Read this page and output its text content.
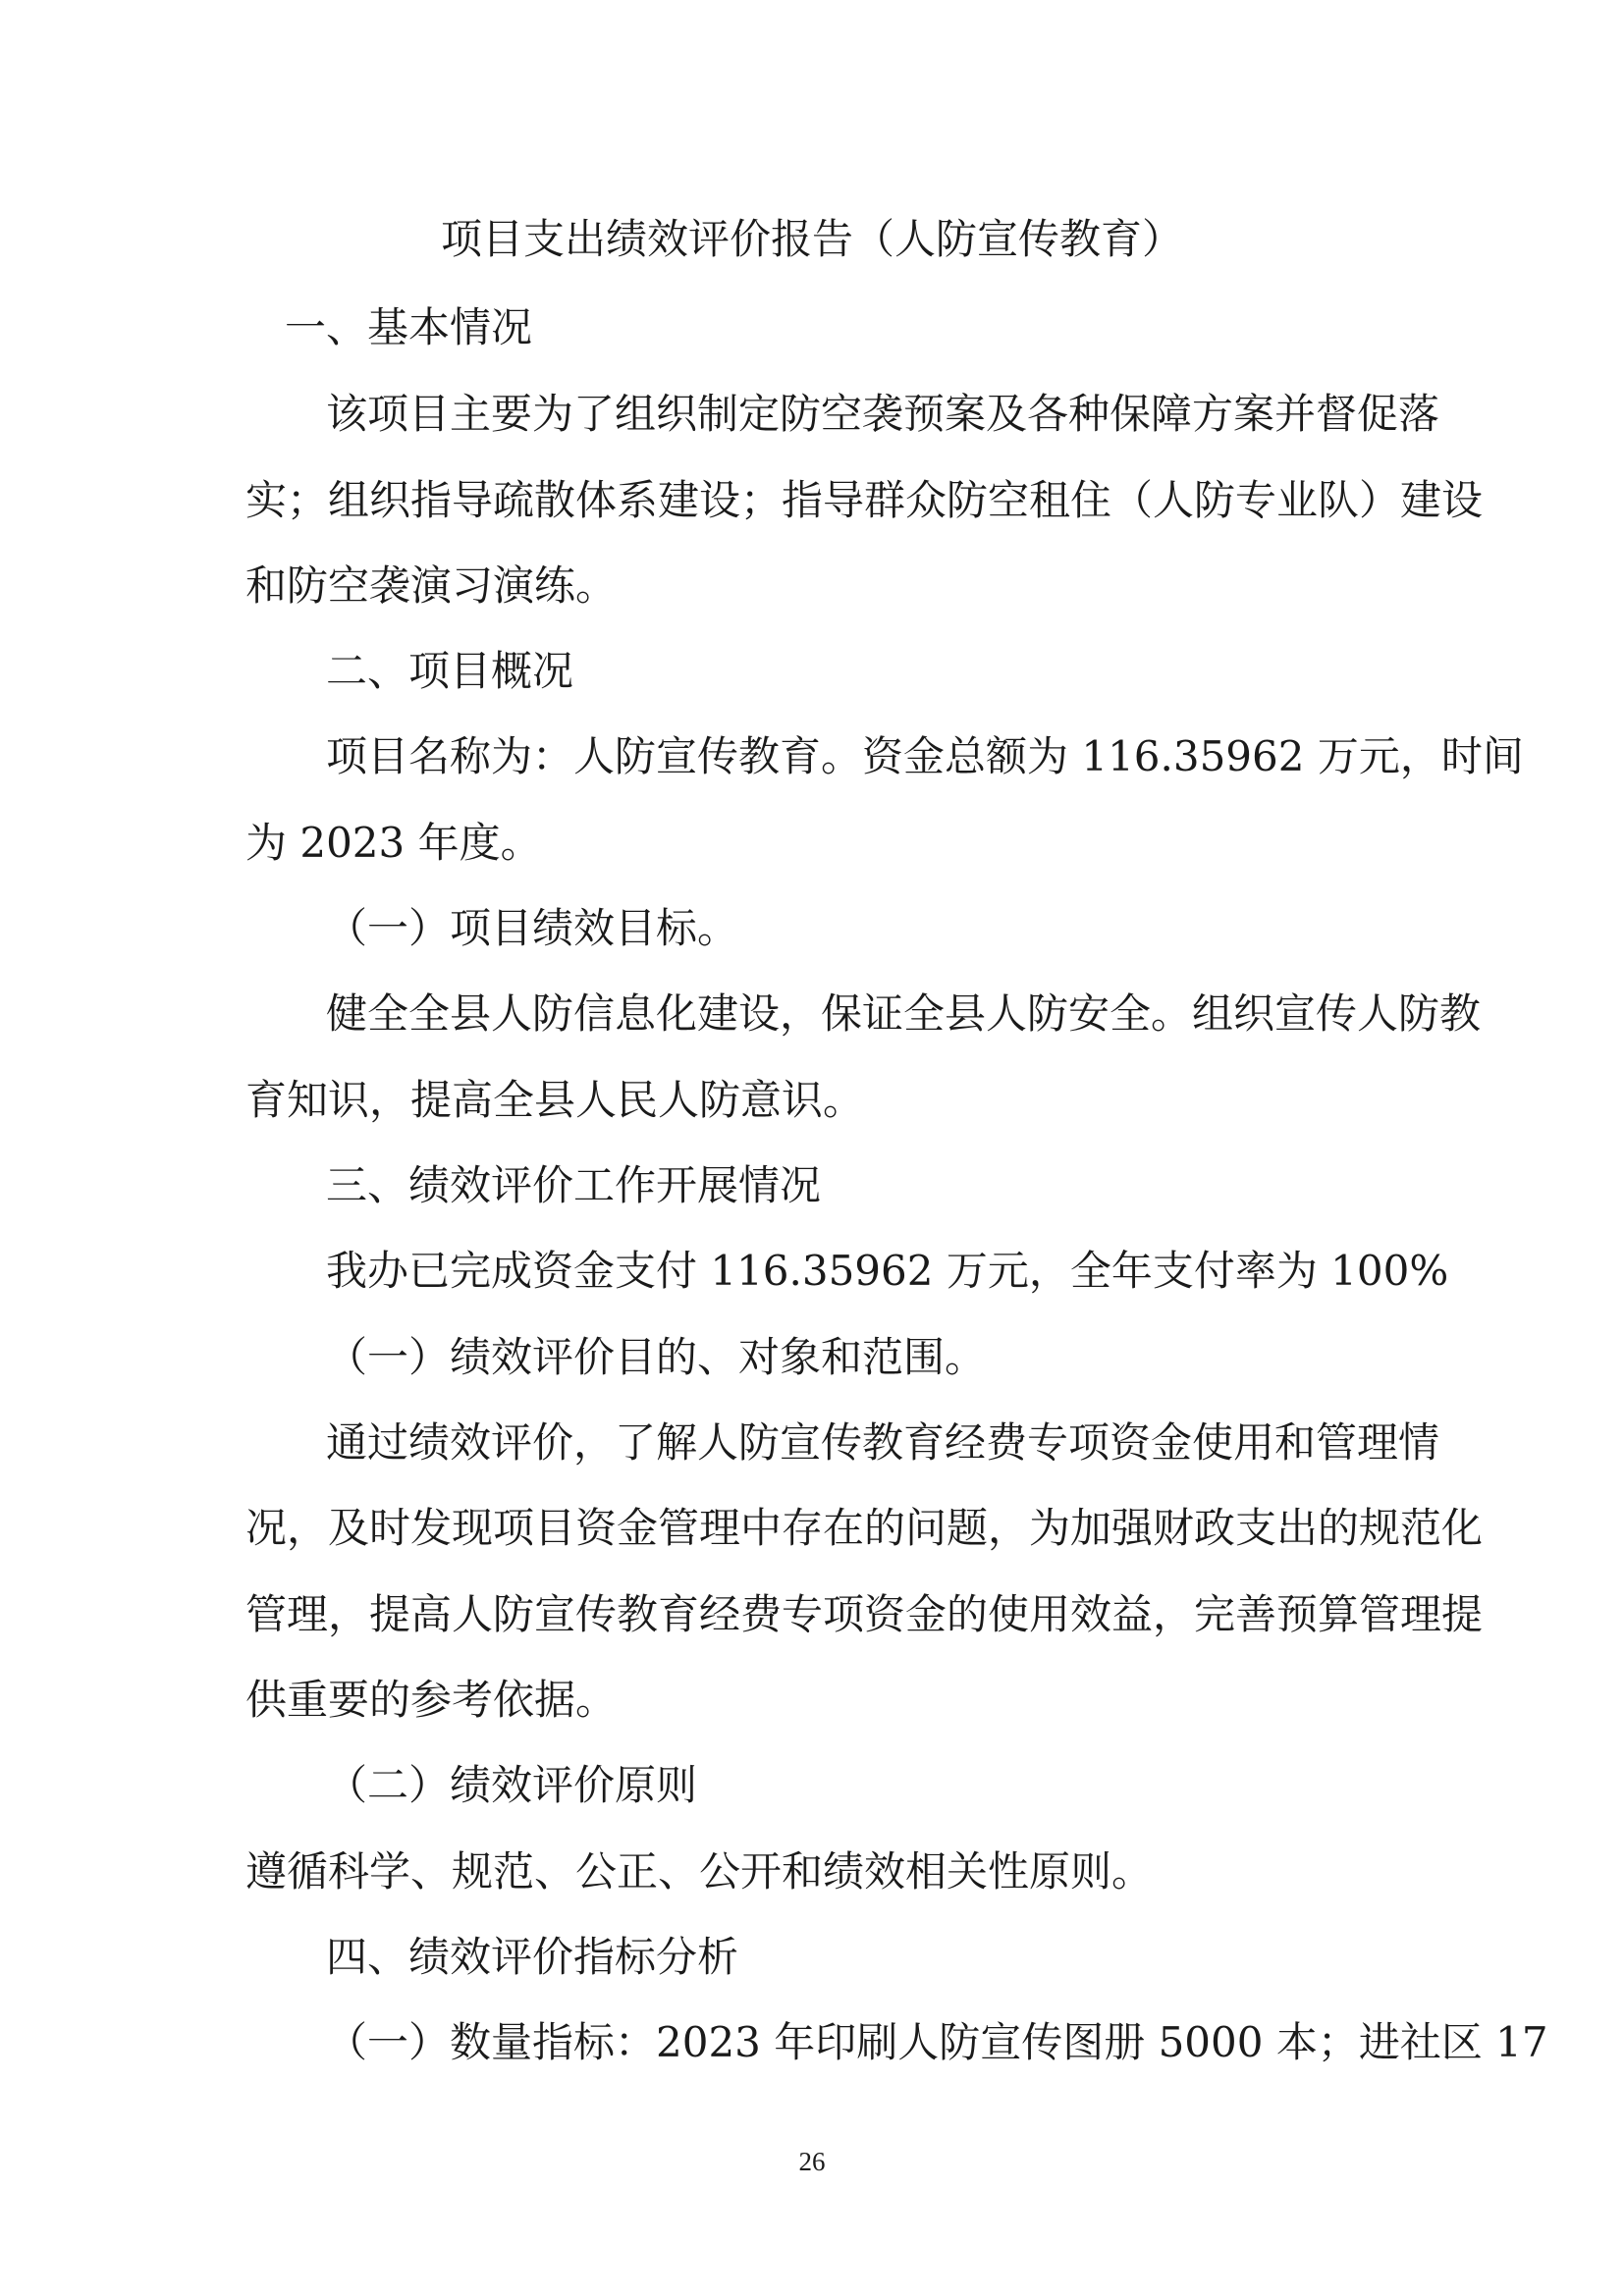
项目支出绩效评价报告（人防宣传教育）
一、基本情况
该项目主要为了组织制定防空袭预案及各种保障方案并督促落
实；组织指导疏散体系建设；指导群众防空租住（人防专业队）建设
和防空袭演习演练。
二、项目概况
项目名称为：人防宣传教育。资金总额为 116.35962 万元，时间
为 2023 年度。
（一）项目绩效目标。
健全全县人防信息化建设，保证全县人防安全。组织宣传人防教
育知识，提高全县人民人防意识。
三、绩效评价工作开展情况
我办已完成资金支付 116.35962 万元，全年支付率为 100%
（一）绩效评价目的、对象和范围。
通过绩效评价，了解人防宣传教育经费专项资金使用和管理情
况，及时发现项目资金管理中存在的问题，为加强财政支出的规范化
管理，提高人防宣传教育经费专项资金的使用效益，完善预算管理提
供重要的参考依据。
（二）绩效评价原则
遵循科学、规范、公正、公开和绩效相关性原则。
四、绩效评价指标分析
（一）数量指标：2023 年印刷人防宣传图册 5000 本；进社区 17
26
